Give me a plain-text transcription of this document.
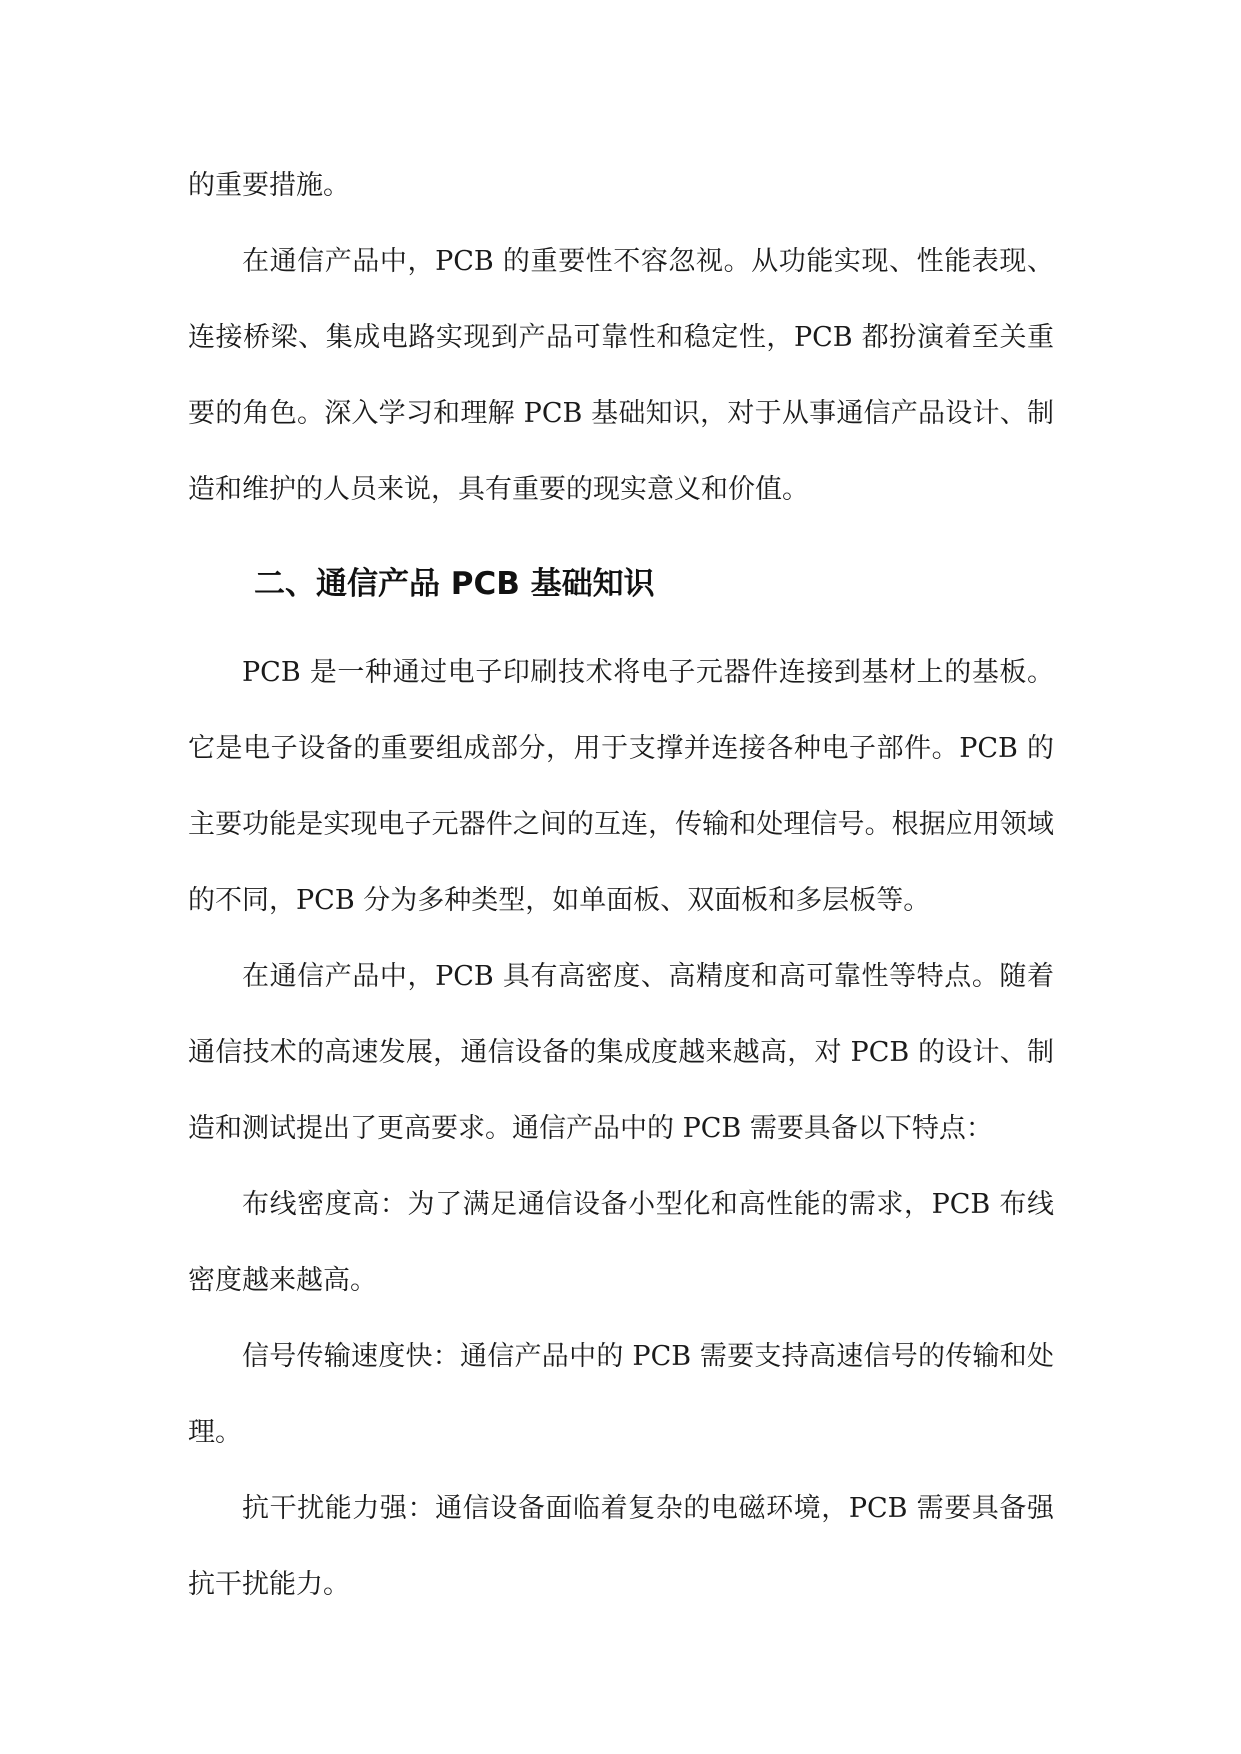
的重要措施。

在通信产品中，PCB 的重要性不容忽视。从功能实现、性能表现、连接桥梁、集成电路实现到产品可靠性和稳定性，PCB 都扮演着至关重要的角色。深入学习和理解 PCB 基础知识，对于从事通信产品设计、制造和维护的人员来说，具有重要的现实意义和价值。

二、通信产品 PCB 基础知识

PCB 是一种通过电子印刷技术将电子元器件连接到基材上的基板。它是电子设备的重要组成部分，用于支撑并连接各种电子部件。PCB 的主要功能是实现电子元器件之间的互连，传输和处理信号。根据应用领域的不同，PCB 分为多种类型，如单面板、双面板和多层板等。

在通信产品中，PCB 具有高密度、高精度和高可靠性等特点。随着通信技术的高速发展，通信设备的集成度越来越高，对 PCB 的设计、制造和测试提出了更高要求。通信产品中的 PCB 需要具备以下特点：

布线密度高：为了满足通信设备小型化和高性能的需求，PCB 布线密度越来越高。

信号传输速度快：通信产品中的 PCB 需要支持高速信号的传输和处理。

抗干扰能力强：通信设备面临着复杂的电磁环境，PCB 需要具备强抗干扰能力。
